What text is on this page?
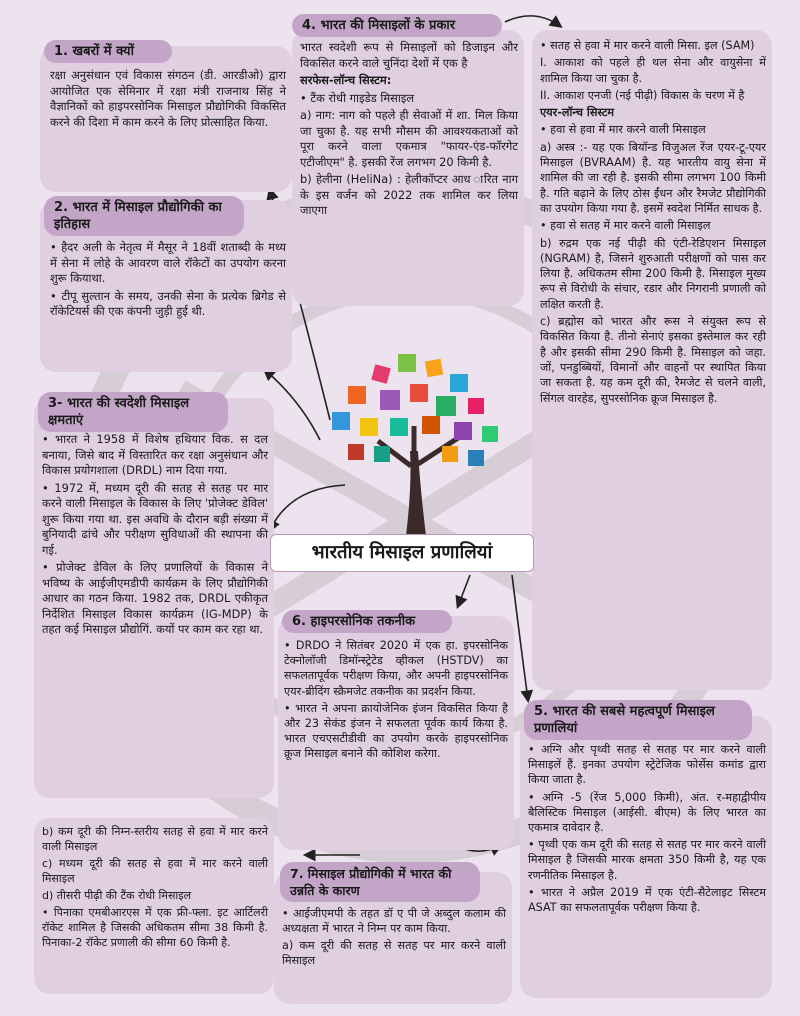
1. खबरों में क्यों
रक्षा अनुसंधान एवं विकास संगठन (डी. आरडीओ) द्वारा आयोजित एक सेमिनार में रक्षा मंत्री राजनाथ सिंह ने वैज्ञानिकों को हाइपरसोनिक मिसाइल प्रौद्योगिकी विकसित करने की दिशा में काम करने के लिए प्रोत्साहित किया.
2. भारत में मिसाइल प्रौद्योगिकी का इतिहास

• हैदर अली के नेतृत्व में मैसूर ने 18वीं शताब्दी के मध्य में सेना में लोहे के आवरण वाले रॉकेटों का उपयोग करना शुरू कियाथा.

• टीपू सुल्तान के समय, उनकी सेना के प्रत्येक ब्रिगेड से रॉकेटियर्स की एक कंपनी जुड़ी हुई थी.

3- भारत की स्वदेशी मिसाइल क्षमताएं

• भारत ने 1958 में विशेष हथियार विक. स दल बनाया, जिसे बाद में विस्तारित कर रक्षा अनुसंधान और विकास प्रयोगशाला (DRDL) नाम दिया गया.

• 1972 में, मध्यम दूरी की सतह से सतह पर मार करने वाली मिसाइल के विकास के लिए 'प्रोजेक्ट डेविल' शुरू किया गया था. इस अवधि के दौरान बड़ी संख्या में बुनियादी ढांचे और परीक्षण सुविधाओं की स्थापना की गई.

• प्रोजेक्ट डेविल के लिए प्रणालियों के विकास ने भविष्य के आईजीएमडीपी कार्यक्रम के लिए प्रौद्योगिकी आधार का गठन किया. 1982 तक, DRDL एकीकृत निर्देशित मिसाइल विकास कार्यक्रम (IG-MDP) के तहत कई मिसाइल प्रौद्योगिं. कयों पर काम कर रहा था.

b) कम दूरी की निम्न-स्तरीय सतह से हवा में मार करने वाली मिसाइल

c) मध्यम दूरी की सतह से हवा में मार करने वाली मिसाइल

d) तीसरी पीढ़ी की टैंक रोधी मिसाइल

• पिनाका एमबीआरएस में एक फ्री-फ्ला. इट आर्टिलरी रॉकेट शामिल है जिसकी अधिकतम सीमा 38 किमी है. पिनाका-2 रॉकेट प्रणाली की सीमा 60 किमी है.

4. भारत की मिसाइलों के प्रकार

भारत स्वदेशी रूप से मिसाइलों को डिजाइन और विकसित करने वाले चुनिंदा देशों में एक है

सरफेस-लॉन्च सिस्टम:

• टैंक रोधी गाइडेड मिसाइल

a) नाग: नाग को पहले ही सेवाओं में शा. मिल किया जा चुका है. यह सभी मौसम की आवश्यकताओं को पूरा करने वाला एकमात्र "फायर-एंड-फॉरगेट एटीजीएम" है. इसकी रेंज लगभग 20 किमी है.

b) हेलीना (HeliNa) : हेलीकॉप्टर आध ारित नाग के इस वर्जन को 2022 तक शामिल कर लिया जाएगा

• सतह से हवा में मार करने वाली मिसा. इल (SAM)

I. आकाश को पहले ही थल सेना और वायुसेना में शामिल किया जा चुका है.

II. आकाश एनजी (नई पीढ़ी) विकास के चरण में है

एयर-लॉन्च सिस्टम

• हवा से हवा में मार करने वाली मिसाइल

a) अस्त्र :- यह एक बियॉन्ड विजुअल रेंज एयर-टू-एयर मिसाइल (BVRAAM) है. यह भारतीय वायु सेना में शामिल की जा रही है. इसकी सीमा लगभग 100 किमी है. गति बढ़ाने के लिए ठोस ईंधन और रैमजेट प्रौद्योगिकी का उपयोग किया गया है. इसमें स्वदेश निर्मित साधक है.

• हवा से सतह में मार करने वाली मिसाइल

b) रुद्रम एक नई पीढ़ी की एंटी-रेडिएशन मिसाइल (NGRAM) है, जिसने शुरुआती परीक्षणों को पास कर लिया है. अधिकतम सीमा 200 किमी है. मिसाइल मुख्य रूप से विरोधी के संचार, रडार और निगरानी प्रणाली को लक्षित करती है.

c) ब्रह्मोस को भारत और रूस ने संयुक्त रूप से विकसित किया है. तीनो सेनाएं इसका इस्तेमाल कर रही है और इसकी सीमा 290 किमी है. मिसाइल को जहा. जों, पनडुब्बियों, विमानों और वाहनों पर स्थापित किया जा सकता है. यह कम दूरी की, रैमजेट से चलने वाली, सिंगल वारहेड, सुपरसोनिक क्रूज मिसाइल है.

भारतीय मिसाइल प्रणालियां
6. हाइपरसोनिक तकनीक

• DRDO ने सितंबर 2020 में एक हा. इपरसोनिक टेक्नोलॉजी डिमॉन्स्ट्रेटेड व्हीकल (HSTDV) का सफलतापूर्वक परीक्षण किया, और अपनी हाइपरसोनिक एयर-ब्रीदिंग स्क्रैमजेट तकनीक का प्रदर्शन किया.

• भारत ने अपना क्रायोजेनिक इंजन विकसित किया है और 23 सेकंड इंजन ने सफलता पूर्वक कार्य किया है. भारत एचएसटीडीवी का उपयोग करके हाइपरसोनिक क्रूज मिसाइल बनाने की कोशिश करेगा.

7. मिसाइल प्रौद्योगिकी में भारत की उन्नति के कारण

• आईजीएमपी के तहत डॉ ए पी जे अब्दुल कलाम की अध्यक्षता में भारत ने निम्न पर काम किया.

a) कम दूरी की सतह से सतह पर मार करने वाली मिसाइल

5. भारत की सबसे महत्वपूर्ण मिसाइल प्रणालियां

• अग्नि और पृथ्वी सतह से सतह पर मार करने वाली मिसाइलें हैं. इनका उपयोग स्ट्रेटेजिक फोर्सेस कमांड द्वारा किया जाता है.

• अग्नि -5 (रेंज 5,000 किमी), अंत. र-महाद्वीपीय बैलिस्टिक मिसाइल (आईसी. बीएम) के लिए भारत का एकमात्र दावेदार है.

• पृथ्वी एक कम दूरी की सतह से सतह पर मार करने वाली मिसाइल है जिसकी मारक क्षमता 350 किमी है, यह एक रणनीतिक मिसाइल है.

• भारत ने अप्रैल 2019 में एक एंटी-सैटेलाइट सिस्टम ASAT का सफलतापूर्वक परीक्षण किया है.
